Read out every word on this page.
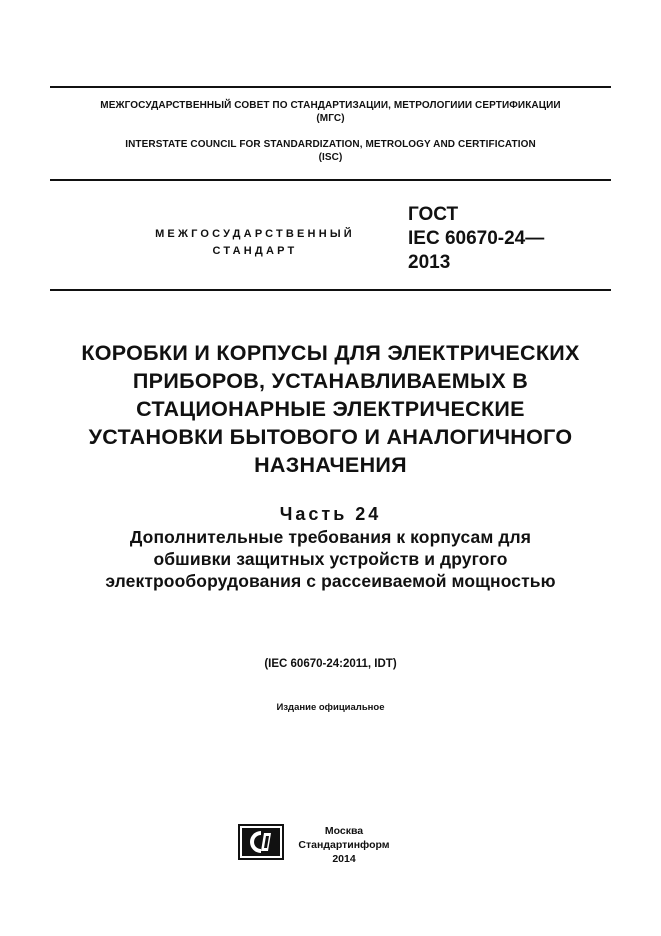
МЕЖГОСУДАРСТВЕННЫЙ СОВЕТ ПО СТАНДАРТИЗАЦИИ, МЕТРОЛОГИИИ СЕРТИФИКАЦИИ
(МГС)
INTERSTATE COUNCIL FOR STANDARDIZATION, METROLOGY AND CERTIFICATION
(ISC)
МЕЖГОСУДАРСТВЕННЫЙ
СТАНДАРТ
ГОСТ
IEC 60670-24—
2013
КОРОБКИ И КОРПУСЫ ДЛЯ ЭЛЕКТРИЧЕСКИХ
ПРИБОРОВ, УСТАНАВЛИВАЕМЫХ В
СТАЦИОНАРНЫЕ ЭЛЕКТРИЧЕСКИЕ
УСТАНОВКИ БЫТОВОГО И АНАЛОГИЧНОГО
НАЗНАЧЕНИЯ
Часть 24
Дополнительные требования к корпусам для
обшивки защитных устройств и другого
электрооборудования с рассеиваемой мощностью
(IEC 60670-24:2011, IDT)
Издание официальное
Москва
Стандартинформ
2014
